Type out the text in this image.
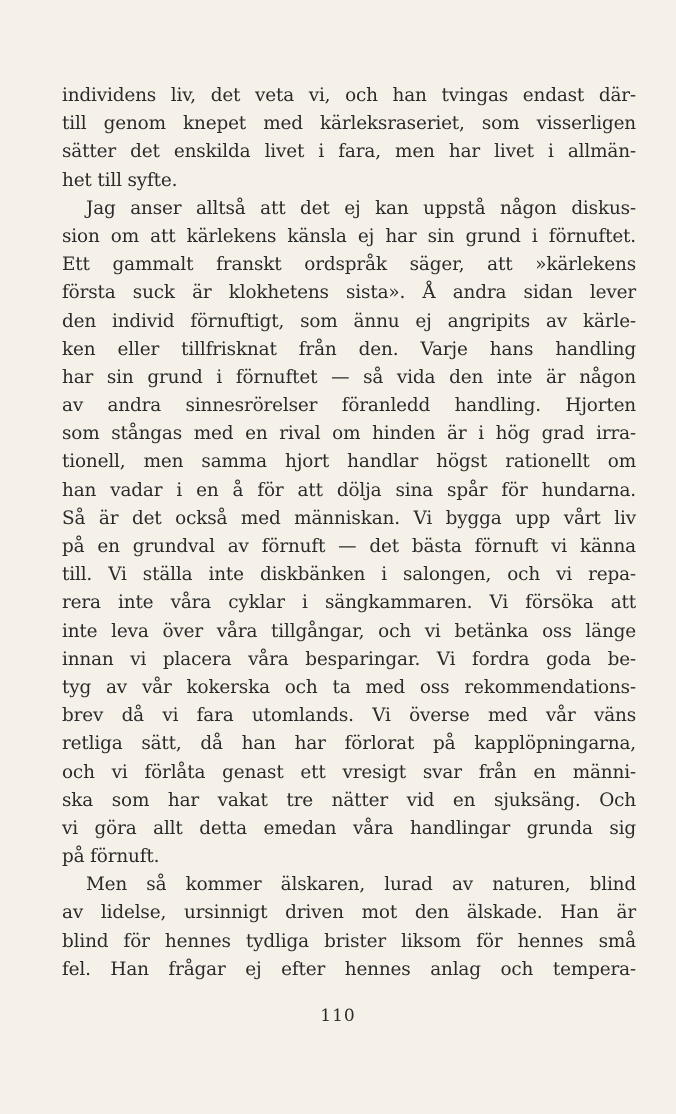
individens liv, det veta vi, och han tvingas endast där-
till genom knepet med kärleksraseriet, som visserligen
sätter det enskilda livet i fara, men har livet i allmän-
het till syfte.
Jag anser alltså att det ej kan uppstå någon diskus-
sion om att kärlekens känsla ej har sin grund i förnuftet.
Ett gammalt franskt ordspråk säger, att »kärlekens
första suck är klokhetens sista». Å andra sidan lever
den individ förnuftigt, som ännu ej angripits av kärle-
ken eller tillfrisknat från den. Varje hans handling
har sin grund i förnuftet — så vida den inte är någon
av andra sinnesrörelser föranledd handling. Hjorten
som stångas med en rival om hinden är i hög grad irra-
tionell, men samma hjort handlar högst rationellt om
han vadar i en å för att dölja sina spår för hundarna.
Så är det också med människan. Vi bygga upp vårt liv
på en grundval av förnuft — det bästa förnuft vi känna
till. Vi ställa inte diskbänken i salongen, och vi repa-
rera inte våra cyklar i sängkammaren. Vi försöka att
inte leva över våra tillgångar, och vi betänka oss länge
innan vi placera våra besparingar. Vi fordra goda be-
tyg av vår kokerska och ta med oss rekommendations-
brev då vi fara utomlands. Vi överse med vår väns
retliga sätt, då han har förlorat på kapplöpningarna,
och vi förlåta genast ett vresigt svar från en männi-
ska som har vakat tre nätter vid en sjuksäng. Och
vi göra allt detta emedan våra handlingar grunda sig
på förnuft.
Men så kommer älskaren, lurad av naturen, blind
av lidelse, ursinnigt driven mot den älskade. Han är
blind för hennes tydliga brister liksom för hennes små
fel. Han frågar ej efter hennes anlag och tempera-
110
